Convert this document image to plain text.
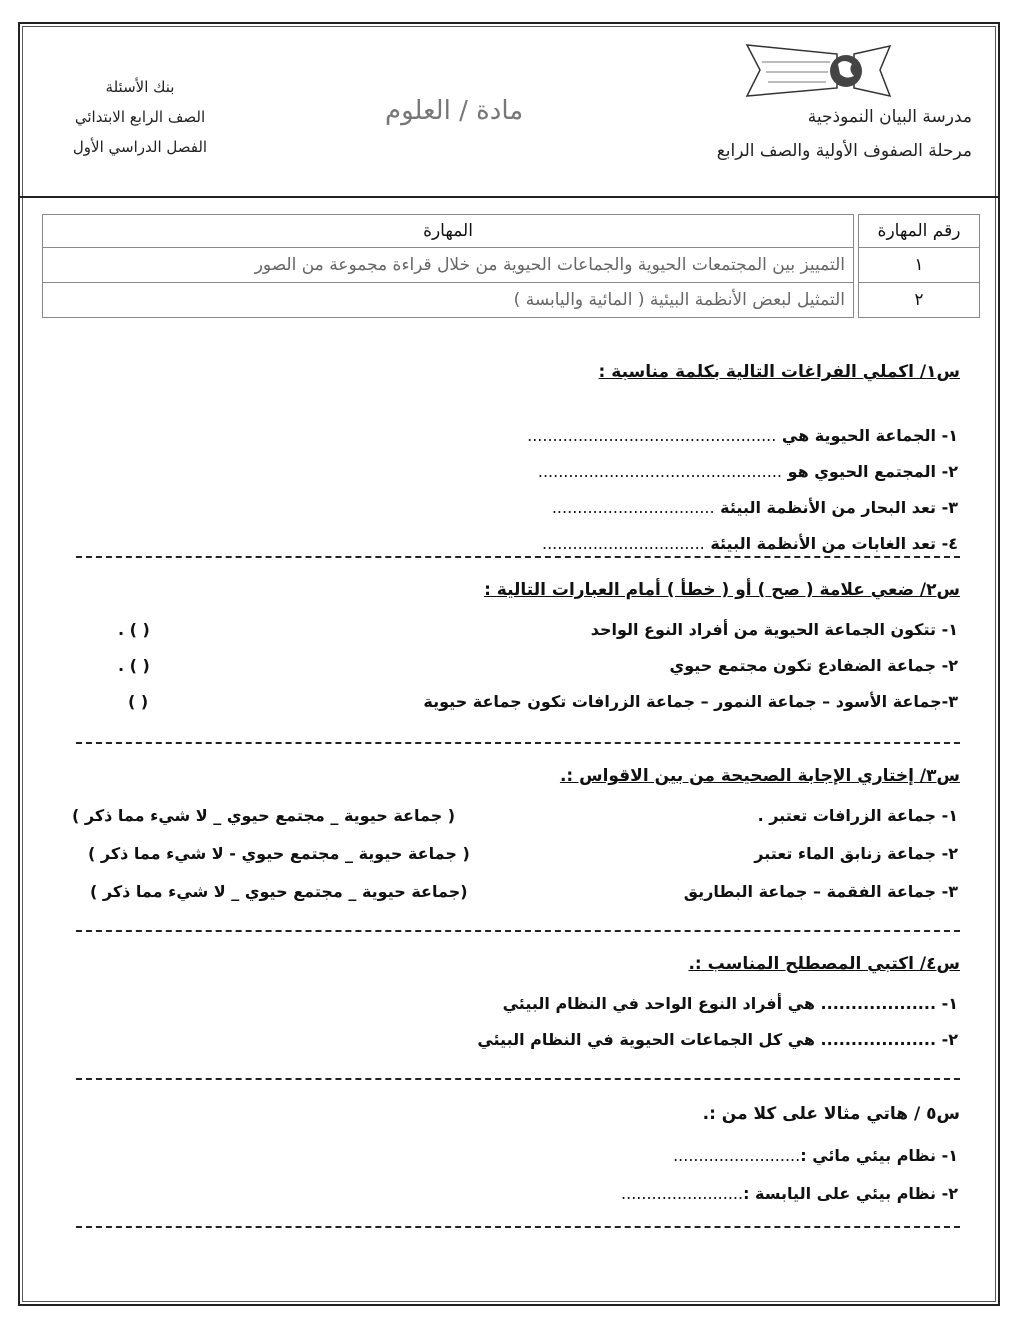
مدرسة البيان النموذجية
مرحلة الصفوف الأولية والصف الرابع
مادة / العلوم
بنك الأسئلة
الصف الرابع الابتدائي
الفصل الدراسي الأول
رقم المهارة		المهارة
١		التمييز بين المجتمعات الحيوية والجماعات الحيوية من خلال قراءة مجموعة من الصور
٢		التمثيل لبعض الأنظمة البيئية ( المائية واليابسة )
س١/ اكملي الفراغات التالية بكلمة مناسبة :
١- الجماعة الحيوية هي .................................................
٢- المجتمع الحيوي هو ................................................
٣- تعد البحار من الأنظمة البيئة ................................
٤- تعد الغابات من الأنظمة البيئة ................................
س٢/ ضعي علامة ( صح ) أو ( خطأ ) أمام العبارات التالية :
١- تتكون الجماعة الحيوية من أفراد النوع الواحد
( ) .
٢- جماعة الضفادع تكون مجتمع حيوي
( ) .
٣-جماعة الأسود – جماعة النمور – جماعة الزرافات تكون جماعة حيوية
( )
س٣/ إختاري الإجابة الصحيحة من بين الاقواس :.
١- جماعة الزرافات تعتبر .
( جماعة حيوية _ مجتمع حيوي _ لا شيء مما ذكر )
٢- جماعة زنابق الماء تعتبر
( جماعة حيوية _ مجتمع حيوي - لا شيء مما ذكر )
٣- جماعة الفقمة – جماعة البطاريق
(جماعة حيوية _ مجتمع حيوي _ لا شيء مما ذكر )
س٤/ اكتبي المصطلح المناسب :.
١- ................... هي أفراد النوع الواحد في النظام البيئي
٢- ................... هي كل الجماعات الحيوية في النظام البيئي
س٥ / هاتي مثالا على كلا من :.
١- نظام بيئي مائي :.........................
٢- نظام بيئي على اليابسة :........................
